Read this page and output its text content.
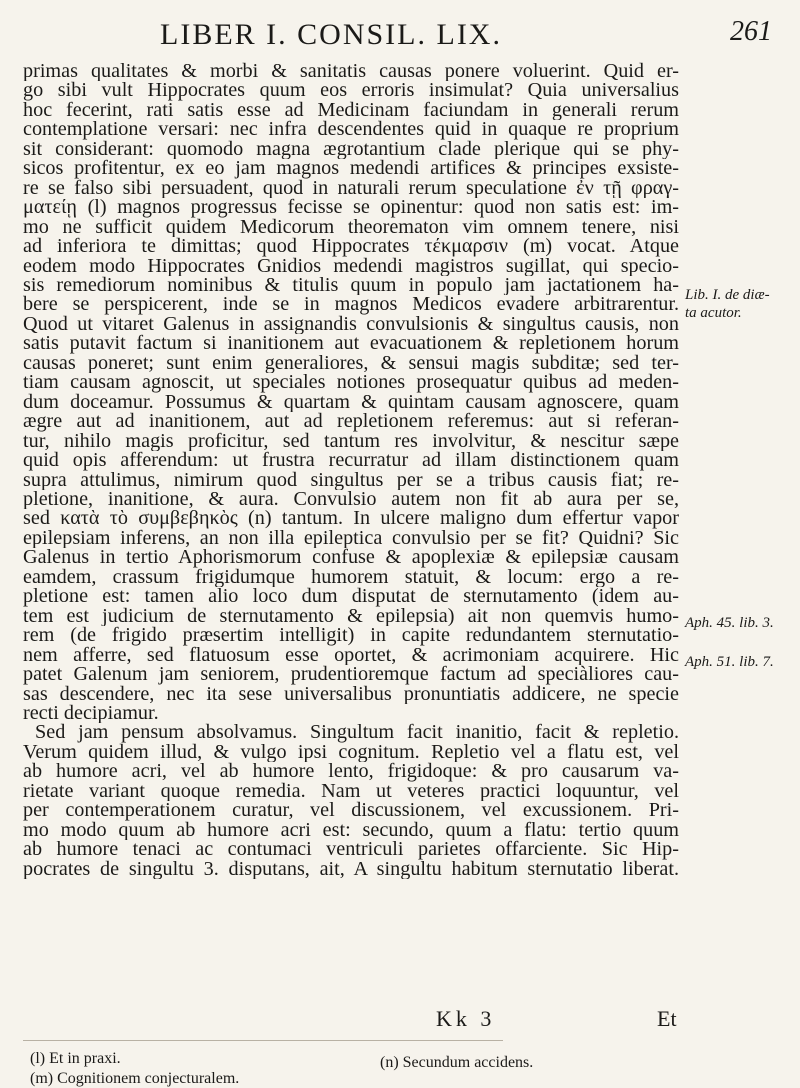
LIBER I. CONSIL. LIX.	261
primas qualitates & morbi & sanitatis causas ponere voluerint. Quid er-
go sibi vult Hippocrates quum eos erroris insimulat? Quia universalius
hoc fecerint, rati satis esse ad Medicinam faciundam in generali rerum
contemplatione versari: nec infra descendentes quid in quaque re proprium
sit considerant: quomodo magna ægrotantium clade plerique qui se phy-
sicos profitentur, ex eo jam magnos medendi artifices & principes exsiste-
re se falso sibi persuadent, quod in naturali rerum speculatione ἐν τῇ φραγ-
ματείῃ (l) magnos progressus fecisse se opinentur: quod non satis est: im-
mo ne sufficit quidem Medicorum theorematon vim omnem tenere, nisi
ad inferiora te dimittas; quod Hippocrates τέκμαρσιν (m) vocat. Atque
eodem modo Hippocrates Gnidios medendi magistros sugillat, qui specio-
sis remediorum nominibus & titulis quum in populo jam jactationem ha-
bere se perspicerent, inde se in magnos Medicos evadere arbitrarentur.
Quod ut vitaret Galenus in assignandis convulsionis & singultus causis, non
satis putavit factum si inanitionem aut evacuationem & repletionem horum
causas poneret; sunt enim generaliores, & sensui magis subditæ; sed ter-
tiam causam agnoscit, ut speciales notiones prosequatur quibus ad meden-
dum doceamur. Possumus & quartam & quintam causam agnoscere, quam
ægre aut ad inanitionem, aut ad repletionem referemus: aut si referan-
tur, nihilo magis proficitur, sed tantum res involvitur, & nescitur sæpe
quid opis afferendum: ut frustra recurratur ad illam distinctionem quam
supra attulimus, nimirum quod singultus per se a tribus causis fiat; re-
pletione, inanitione, & aura. Convulsio autem non fit ab aura per se,
sed κατὰ τὸ συμβεβηκὸς (n) tantum. In ulcere maligno dum effertur vapor
epilepsiam inferens, an non illa epileptica convulsio per se fit? Quidni? Sic
Galenus in tertio Aphorismorum confuse & apoplexiæ & epilepsiæ causam
eamdem, crassum frigidumque humorem statuit, & locum: ergo a re-
pletione est: tamen alio loco dum disputat de sternutamento (idem au-
tem est judicium de sternutamento & epilepsia) ait non quemvis humo-
rem (de frigido præsertim intelligit) in capite redundantem sternutatio-
nem afferre, sed flatuosum esse oportet, & acrimoniam acquirere. Hic
patet Galenum jam seniorem, prudentioremque factum ad speciàliores cau-
sas descendere, nec ita sese universalibus pronuntiatis addicere, ne specie
recti decipiamur.
Sed jam pensum absolvamus. Singultum facit inanitio, facit & repletio.
Verum quidem illud, & vulgo ipsi cognitum. Repletio vel a flatu est, vel
ab humore acri, vel ab humore lento, frigidoque: & pro causarum va-
rietate variant quoque remedia. Nam ut veteres practici loquuntur, vel
per contemperationem curatur, vel discussionem, vel excussionem. Pri-
mo modo quum ab humore acri est: secundo, quum a flatu: tertio quum
ab humore tenaci ac contumaci ventriculi parietes offarciente. Sic Hip-
pocrates de singultu 3. disputans, ait, A singultu habitum sternutatio liberat.
Lib. I. de diæ-
ta acutor.
Aph. 45. lib. 3.
Aph. 51. lib. 7.
Kk 3	Et
(l) Et in praxi.	(n) Secundum accidens.
(m) Cognitionem conjecturalem.
